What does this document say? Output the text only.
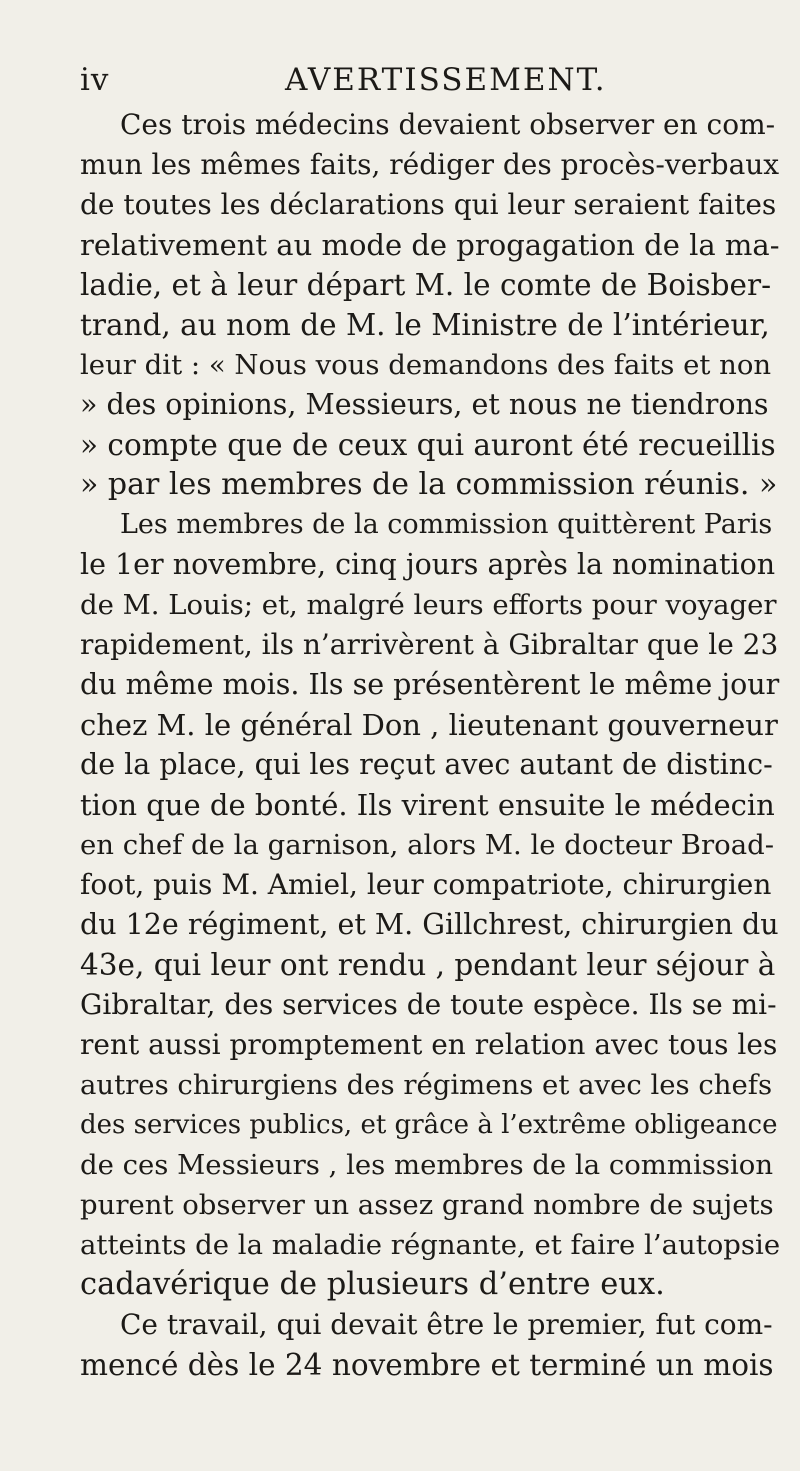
iv	AVERTISSEMENT.
Ces trois médecins devaient observer en com-
mun les mêmes faits, rédiger des procès-verbaux
de toutes les déclarations qui leur seraient faites
relativement au mode de progagation de la ma-
ladie, et à leur départ M. le comte de Boisber-
trand, au nom de M. le Ministre de l’intérieur,
leur dit : « Nous vous demandons des faits et non
» des opinions, Messieurs, et nous ne tiendrons
» compte que de ceux qui auront été recueillis
» par les membres de la commission réunis. »
Les membres de la commission quittèrent Paris
le 1er novembre, cinq jours après la nomination
de M. Louis; et, malgré leurs efforts pour voyager
rapidement, ils n’arrivèrent à Gibraltar que le 23
du même mois. Ils se présentèrent le même jour
chez M. le général Don , lieutenant gouverneur
de la place, qui les reçut avec autant de distinc-
tion que de bonté. Ils virent ensuite le médecin
en chef de la garnison, alors M. le docteur Broad-
foot, puis M. Amiel, leur compatriote, chirurgien
du 12e régiment, et M. Gillchrest, chirurgien du
43e, qui leur ont rendu , pendant leur séjour à
Gibraltar, des services de toute espèce. Ils se mi-
rent aussi promptement en relation avec tous les
autres chirurgiens des régimens et avec les chefs
des services publics, et grâce à l’extrême obligeance
de ces Messieurs , les membres de la commission
purent observer un assez grand nombre de sujets
atteints de la maladie régnante, et faire l’autopsie
cadavérique de plusieurs d’entre eux.
Ce travail, qui devait être le premier, fut com-
mencé dès le 24 novembre et terminé un mois
